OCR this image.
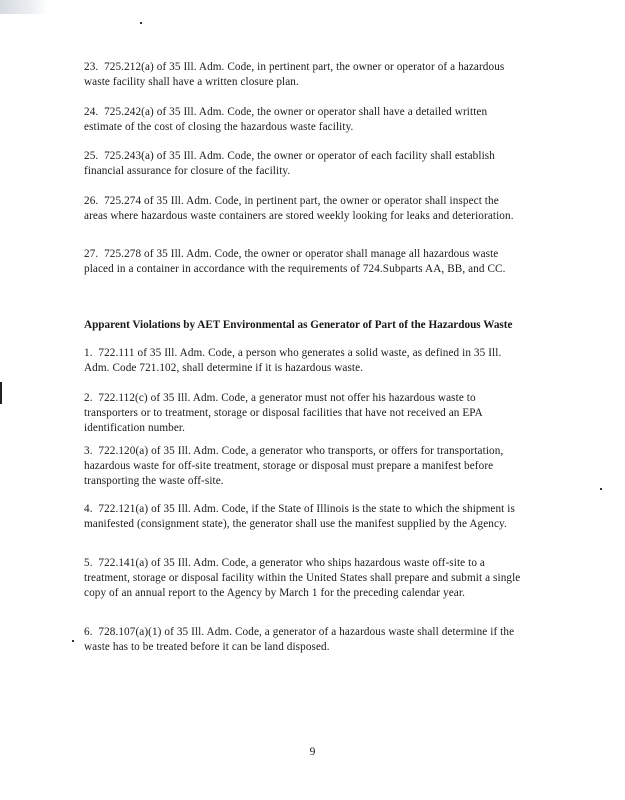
23. 725.212(a) of 35 Ill. Adm. Code, in pertinent part, the owner or operator of a hazardous waste facility shall have a written closure plan.

24. 725.242(a) of 35 Ill. Adm. Code, the owner or operator shall have a detailed written estimate of the cost of closing the hazardous waste facility.

25. 725.243(a) of 35 Ill. Adm. Code, the owner or operator of each facility shall establish financial assurance for closure of the facility.

26. 725.274 of 35 Ill. Adm. Code, in pertinent part, the owner or operator shall inspect the areas where hazardous waste containers are stored weekly looking for leaks and deterioration.

27. 725.278 of 35 Ill. Adm. Code, the owner or operator shall manage all hazardous waste placed in a container in accordance with the requirements of 724.Subparts AA, BB, and CC.

Apparent Violations by AET Environmental as Generator of Part of the Hazardous Waste

1. 722.111 of 35 Ill. Adm. Code, a person who generates a solid waste, as defined in 35 Ill. Adm. Code 721.102, shall determine if it is hazardous waste.

2. 722.112(c) of 35 Ill. Adm. Code, a generator must not offer his hazardous waste to transporters or to treatment, storage or disposal facilities that have not received an EPA identification number.

3. 722.120(a) of 35 Ill. Adm. Code, a generator who transports, or offers for transportation, hazardous waste for off-site treatment, storage or disposal must prepare a manifest before transporting the waste off-site.

4. 722.121(a) of 35 Ill. Adm. Code, if the State of Illinois is the state to which the shipment is manifested (consignment state), the generator shall use the manifest supplied by the Agency.

5. 722.141(a) of 35 Ill. Adm. Code, a generator who ships hazardous waste off-site to a treatment, storage or disposal facility within the United States shall prepare and submit a single copy of an annual report to the Agency by March 1 for the preceding calendar year.

6. 728.107(a)(1) of 35 Ill. Adm. Code, a generator of a hazardous waste shall determine if the waste has to be treated before it can be land disposed.

9
